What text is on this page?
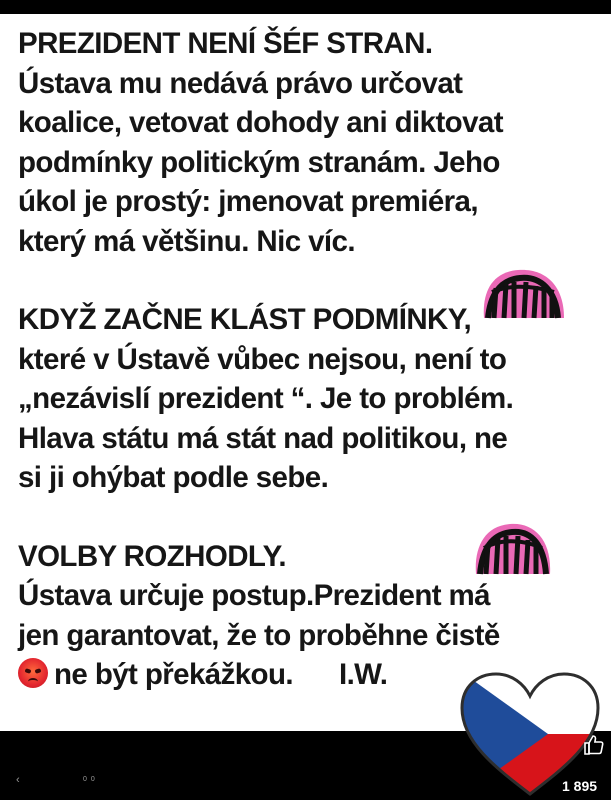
PREZIDENT NENÍ ŠÉF STRAN.
Ústava mu nedává právo určovat
koalice, vetovat dohody ani diktovat
podmínky politickým stranám. Jeho
úkol je prostý: jmenovat premiéra,
který má většinu. Nic víc.

KDYŽ ZAČNE KLÁST PODMÍNKY,
které v Ústavě vůbec nejsou, není to
„nezávislí prezident “. Je to problém.
Hlava státu má stát nad politikou, ne
si ji ohýbat podle sebe.

VOLBY ROZHODLY.
Ústava určuje postup.Prezident má
jen garantovat, že to proběhne čistě
ne být překážkou. I.W.

‹	0 0	1 895
